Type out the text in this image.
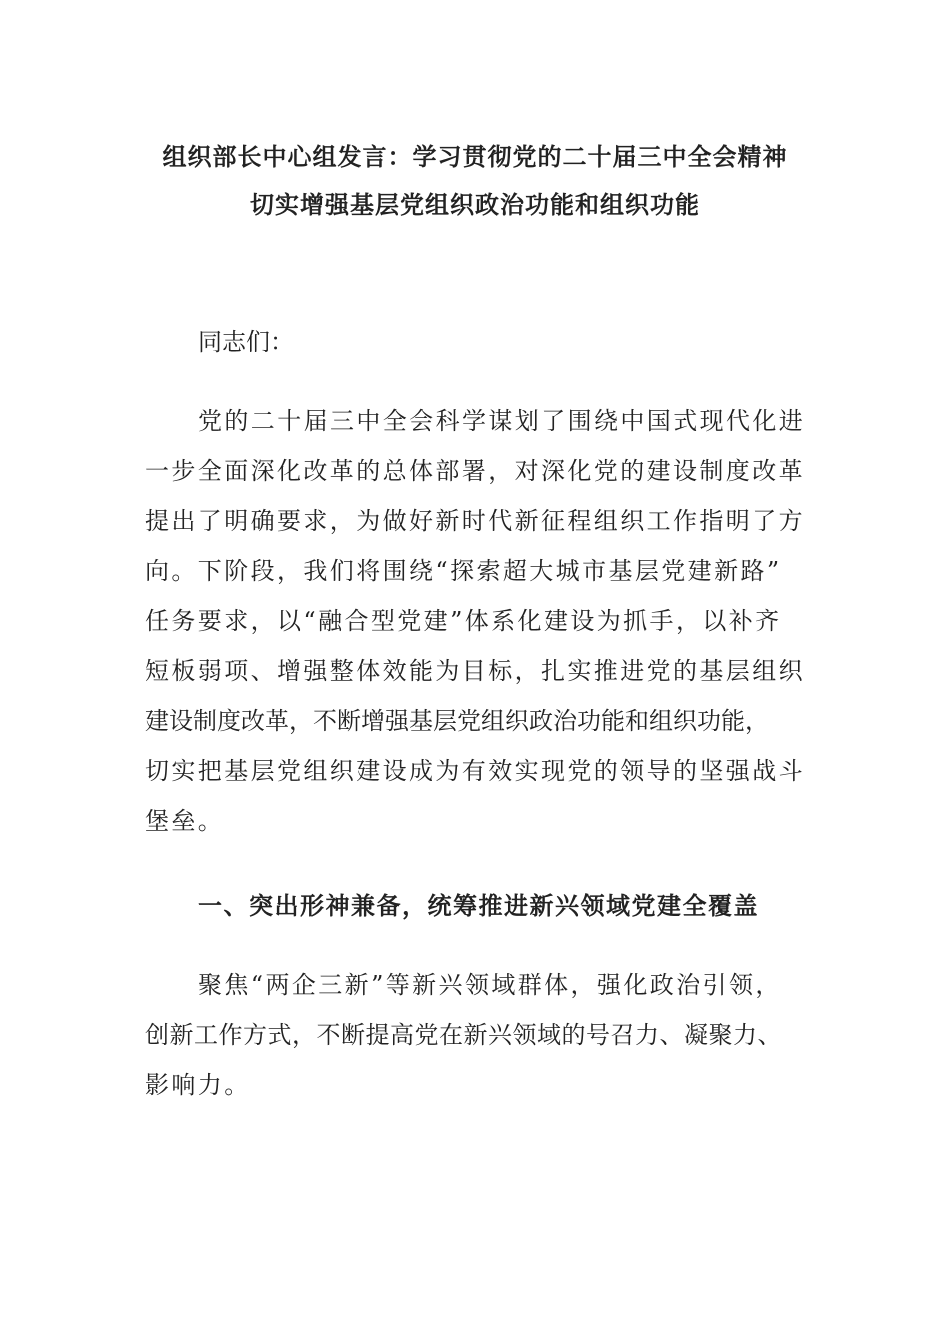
组织部长中心组发言：学习贯彻党的二十届三中全会精神
切实增强基层党组织政治功能和组织功能
同志们：
党的二十届三中全会科学谋划了围绕中国式现代化进
一步全面深化改革的总体部署，对深化党的建设制度改革
提出了明确要求，为做好新时代新征程组织工作指明了方
向。下阶段，我们将围绕“探索超大城市基层党建新路”
任务要求，以“融合型党建”体系化建设为抓手，以补齐
短板弱项、增强整体效能为目标，扎实推进党的基层组织
建设制度改革，不断增强基层党组织政治功能和组织功能，
切实把基层党组织建设成为有效实现党的领导的坚强战斗
堡垒。
一、突出形神兼备，统筹推进新兴领域党建全覆盖
聚焦“两企三新”等新兴领域群体，强化政治引领，
创新工作方式，不断提高党在新兴领域的号召力、凝聚力、
影响力。
